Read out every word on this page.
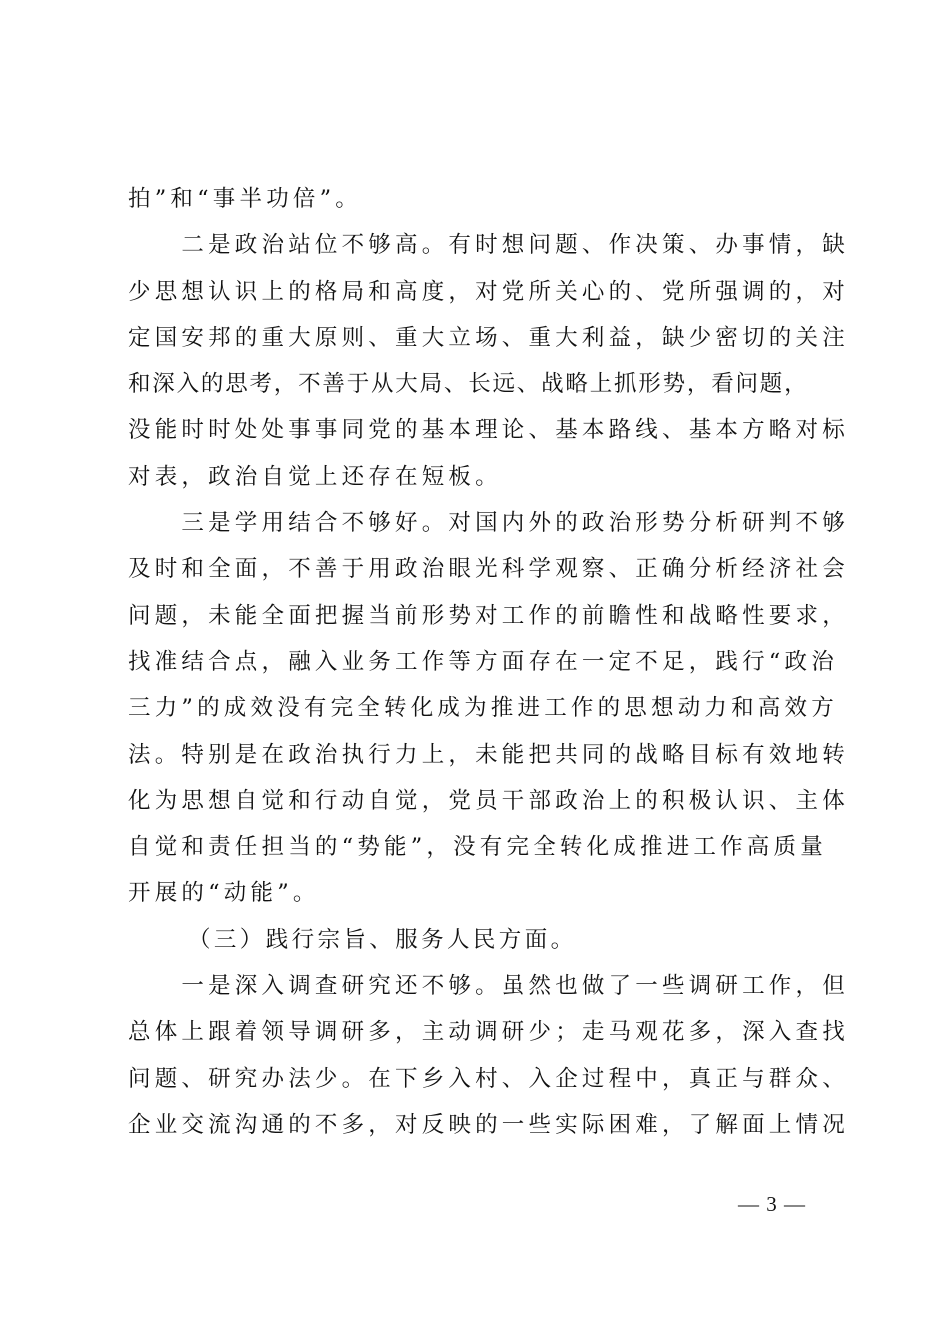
拍”和“事半功倍”。
　　二是政治站位不够高。有时想问题、作决策、办事情，缺
少思想认识上的格局和高度，对党所关心的、党所强调的，对
定国安邦的重大原则、重大立场、重大利益，缺少密切的关注
和深入的思考，不善于从大局、长远、战略上抓形势，看问题，
没能时时处处事事同党的基本理论、基本路线、基本方略对标
对表，政治自觉上还存在短板。
　　三是学用结合不够好。对国内外的政治形势分析研判不够
及时和全面，不善于用政治眼光科学观察、正确分析经济社会
问题，未能全面把握当前形势对工作的前瞻性和战略性要求，
找准结合点，融入业务工作等方面存在一定不足，践行“政治
三力”的成效没有完全转化成为推进工作的思想动力和高效方
法。特别是在政治执行力上，未能把共同的战略目标有效地转
化为思想自觉和行动自觉，党员干部政治上的积极认识、主体
自觉和责任担当的“势能”，没有完全转化成推进工作高质量
开展的“动能”。
（三）践行宗旨、服务人民方面。
　　一是深入调查研究还不够。虽然也做了一些调研工作，但
总体上跟着领导调研多，主动调研少；走马观花多，深入查找
问题、研究办法少。在下乡入村、入企过程中，真正与群众、
企业交流沟通的不多，对反映的一些实际困难，了解面上情况
— 3 —
